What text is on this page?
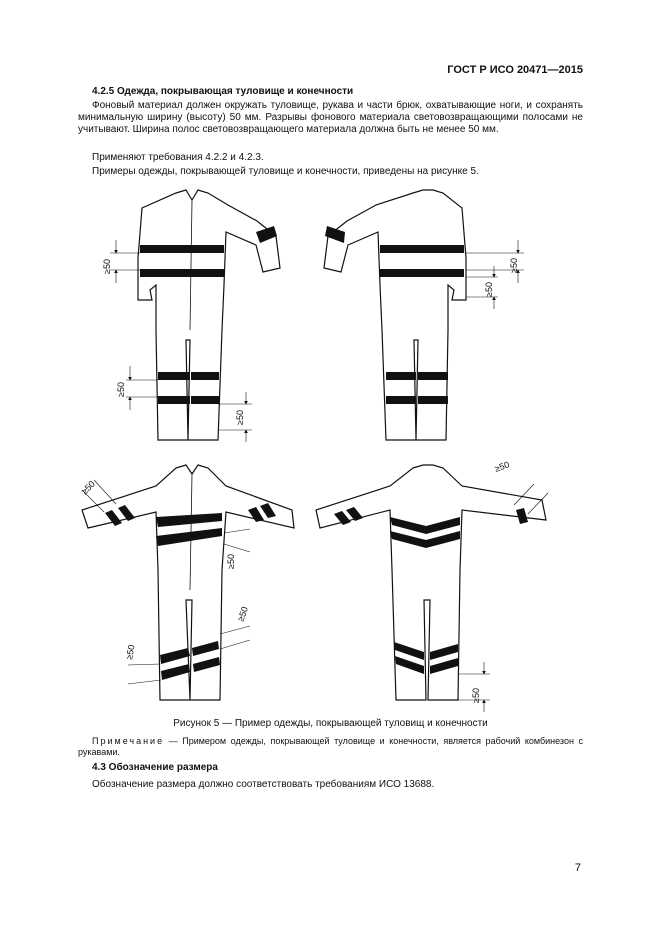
ГОСТ Р ИСО 20471—2015
4.2.5 Одежда, покрывающая туловище и конечности
Фоновый материал должен окружать туловище, рукава и части брюк, охватывающие ноги, и сохранять минимальную ширину (высоту) 50 мм. Разрывы фонового материала световозвращающими полосами не учитывают. Ширина полос световозвращающего материала должна быть не менее 50 мм.
Применяют требования 4.2.2 и 4.2.3.
Примеры одежды, покрывающей туловище и конечности, приведены на рисунке 5.
≥50
≥50
≥50
≥50
≥50
≥50
≥50
≥50
≥50
≥50
≥50
Рисунок 5 — Пример одежды, покрывающей туловищ и конечности
Примечание — Примером одежды, покрывающей туловище и конечности, является рабочий комбинезон с рукавами.
4.3 Обозначение размера
Обозначение размера должно соответствовать требованиям ИСО 13688.
7
